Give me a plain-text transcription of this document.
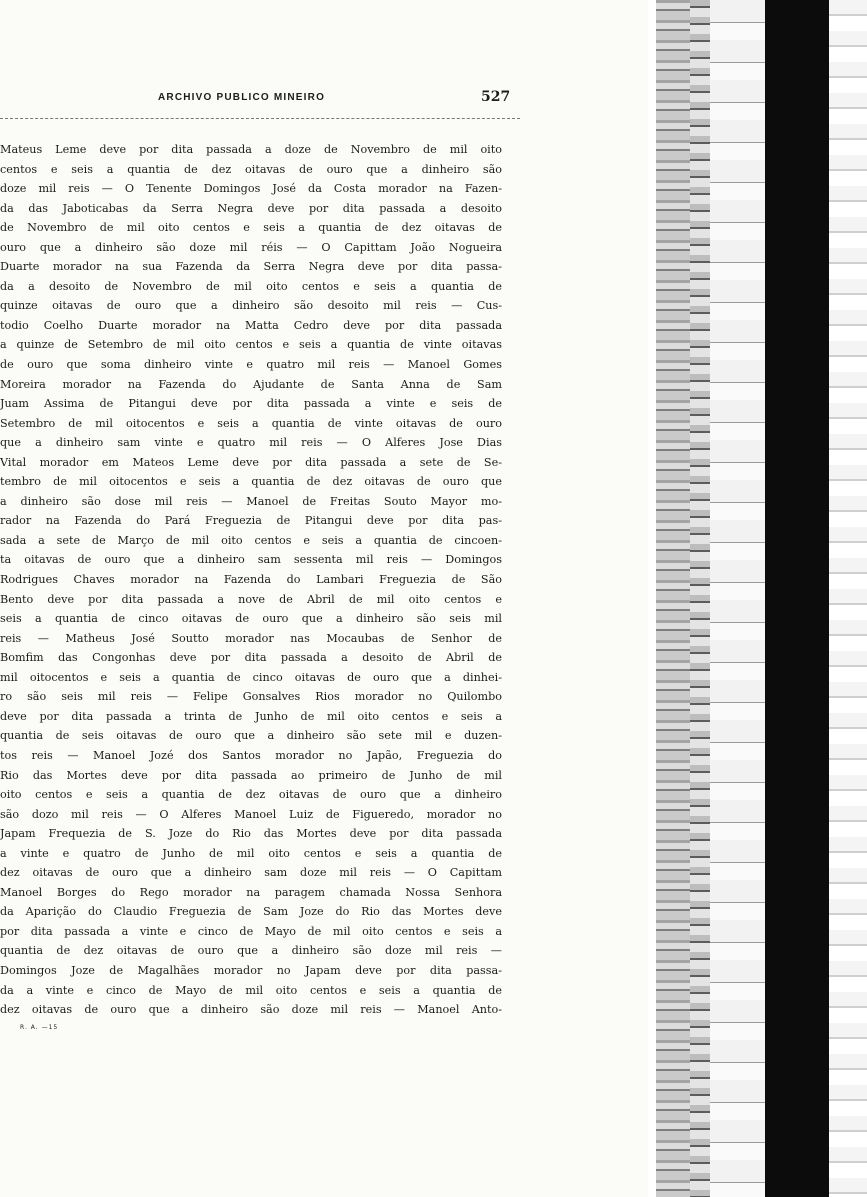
ARCHIVO PUBLICO MINEIRO	527
Mateus Leme deve por dita passada a doze de Novembro de mil oito
centos e seis a quantia de dez oitavas de ouro que a dinheiro são
doze mil reis — O Tenente Domingos José da Costa morador na Fazen-
da das Jaboticabas da Serra Negra deve por dita passada a desoito
de Novembro de mil oito centos e seis a quantia de dez oitavas de
ouro que a dinheiro são doze mil réis — O Capittam João Nogueira
Duarte morador na sua Fazenda da Serra Negra deve por dita passa-
da a desoito de Novembro de mil oito centos e seis a quantia de
quinze oitavas de ouro que a dinheiro são desoito mil reis — Cus-
todio Coelho Duarte morador na Matta Cedro deve por dita passada
a quinze de Setembro de mil oito centos e seis a quantia de vinte oitavas
de ouro que soma dinheiro vinte e quatro mil reis — Manoel Gomes
Moreira morador na Fazenda do Ajudante de Santa Anna de Sam
Juam Assima de Pitangui deve por dita passada a vinte e seis de
Setembro de mil oitocentos e seis a quantia de vinte oitavas de ouro
que a dinheiro sam vinte e quatro mil reis — O Alferes Jose Dias
Vital morador em Mateos Leme deve por dita passada a sete de Se-
tembro de mil oitocentos e seis a quantia de dez oitavas de ouro que
a dinheiro são dose mil reis — Manoel de Freitas Souto Mayor mo-
rador na Fazenda do Pará Freguezia de Pitangui deve por dita pas-
sada a sete de Março de mil oito centos e seis a quantia de cincoen-
ta oitavas de ouro que a dinheiro sam sessenta mil reis — Domingos
Rodrigues Chaves morador na Fazenda do Lambari Freguezia de São
Bento deve por dita passada a nove de Abril de mil oito centos e
seis a quantia de cinco oitavas de ouro que a dinheiro são seis mil
reis — Matheus José Soutto morador nas Mocaubas de Senhor de
Bomfim das Congonhas deve por dita passada a desoito de Abril de
mil oitocentos e seis a quantia de cinco oitavas de ouro que a dinhei-
ro são seis mil reis — Felipe Gonsalves Rios morador no Quilombo
deve por dita passada a trinta de Junho de mil oito centos e seis a
quantia de seis oitavas de ouro que a dinheiro são sete mil e duzen-
tos reis — Manoel Jozé dos Santos morador no Japão, Freguezia do
Rio das Mortes deve por dita passada ao primeiro de Junho de mil
oito centos e seis a quantia de dez oitavas de ouro que a dinheiro
são dozo mil reis — O Alferes Manoel Luiz de Figueredo, morador no
Japam Frequezia de S. Joze do Rio das Mortes deve por dita passada
a vinte e quatro de Junho de mil oito centos e seis a quantia de
dez oitavas de ouro que a dinheiro sam doze mil reis — O Capittam
Manoel Borges do Rego morador na paragem chamada Nossa Senhora
da Aparição do Claudio Freguezia de Sam Joze do Rio das Mortes deve
por dita passada a vinte e cinco de Mayo de mil oito centos e seis a
quantia de dez oitavas de ouro que a dinheiro são doze mil reis —
Domingos Joze de Magalhães morador no Japam deve por dita passa-
da a vinte e cinco de Mayo de mil oito centos e seis a quantia de
dez oitavas de ouro que a dinheiro são doze mil reis — Manoel Anto-
R. A. —15
